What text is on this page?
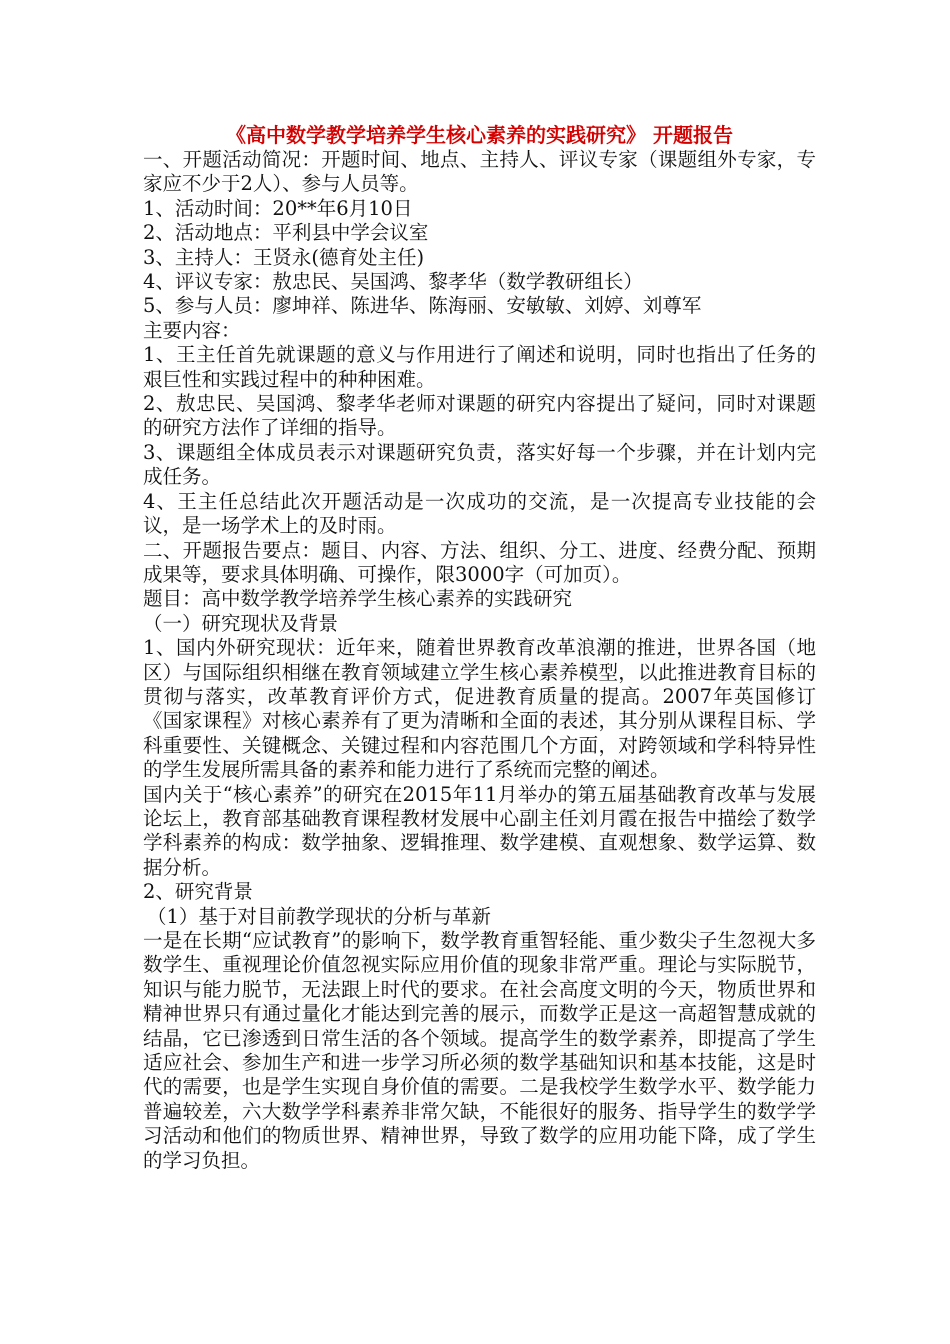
《高中数学教学培养学生核心素养的实践研究》 开题报告
一、开题活动简况：开题时间、地点、主持人、评议专家（课题组外专家，专家应不少于2人）、参与人员等。
1、活动时间：20**年6月10日
2、活动地点：平利县中学会议室
3、主持人：王贤永(德育处主任)
4、评议专家：敖忠民、吴国鸿、黎孝华（数学教研组长）
5、参与人员：廖坤祥、陈进华、陈海丽、安敏敏、刘婷、刘尊军
主要内容：
1、王主任首先就课题的意义与作用进行了阐述和说明，同时也指出了任务的艰巨性和实践过程中的种种困难。
2、敖忠民、吴国鸿、黎孝华老师对课题的研究内容提出了疑问，同时对课题的研究方法作了详细的指导。
3、课题组全体成员表示对课题研究负责，落实好每一个步骤，并在计划内完成任务。
4、王主任总结此次开题活动是一次成功的交流，是一次提高专业技能的会议，是一场学术上的及时雨。
二、开题报告要点：题目、内容、方法、组织、分工、进度、经费分配、预期成果等，要求具体明确、可操作，限3000字（可加页）。
题目：高中数学教学培养学生核心素养的实践研究
（一）研究现状及背景
1、国内外研究现状：近年来，随着世界教育改革浪潮的推进，世界各国（地区）与国际组织相继在教育领域建立学生核心素养模型，以此推进教育目标的贯彻与落实，改革教育评价方式，促进教育质量的提高。2007年英国修订《国家课程》对核心素养有了更为清晰和全面的表述，其分别从课程目标、学科重要性、关键概念、关键过程和内容范围几个方面，对跨领域和学科特异性的学生发展所需具备的素养和能力进行了系统而完整的阐述。
国内关于“核心素养”的研究在2015年11月举办的第五届基础教育改革与发展论坛上，教育部基础教育课程教材发展中心副主任刘月霞在报告中描绘了数学学科素养的构成：数学抽象、逻辑推理、数学建模、直观想象、数学运算、数据分析。
2、研究背景
（1）基于对目前教学现状的分析与革新
一是在长期“应试教育”的影响下，数学教育重智轻能、重少数尖子生忽视大多数学生、重视理论价值忽视实际应用价值的现象非常严重。理论与实际脱节，知识与能力脱节，无法跟上时代的要求。在社会高度文明的今天，物质世界和精神世界只有通过量化才能达到完善的展示，而数学正是这一高超智慧成就的结晶，它已渗透到日常生活的各个领域。提高学生的数学素养，即提高了学生适应社会、参加生产和进一步学习所必须的数学基础知识和基本技能，这是时代的需要，也是学生实现自身价值的需要。二是我校学生数学水平、数学能力普遍较差，六大数学学科素养非常欠缺，不能很好的服务、指导学生的数学学习活动和他们的物质世界、精神世界，导致了数学的应用功能下降，成了学生的学习负担。
